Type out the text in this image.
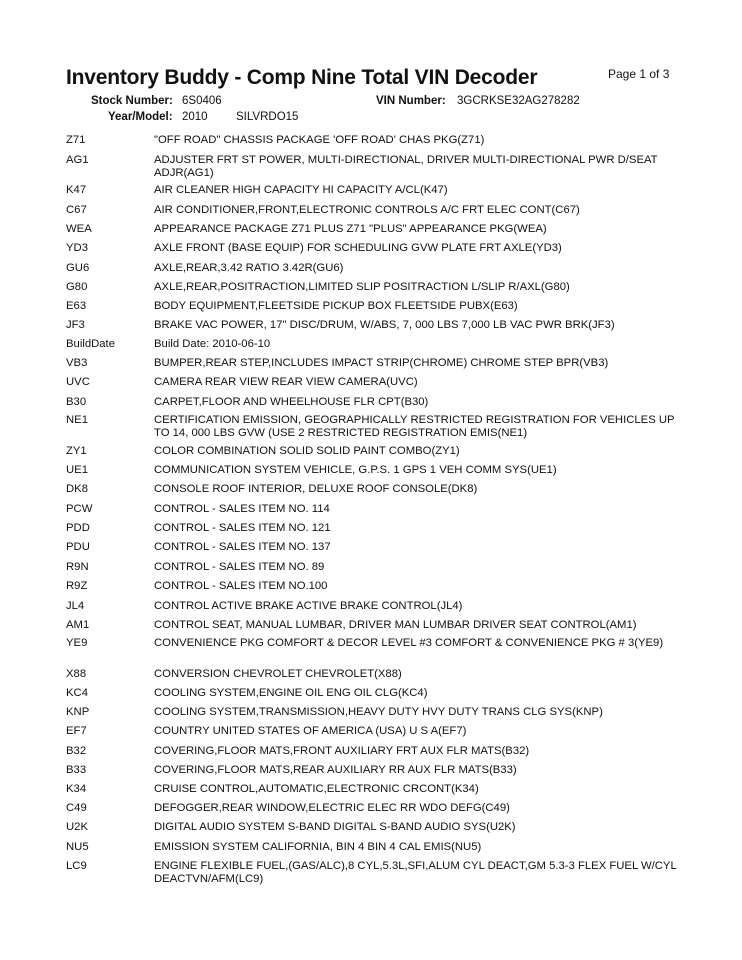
Inventory Buddy - Comp Nine Total VIN Decoder	Page 1 of 3
Stock Number: 6S0406	VIN Number: 3GCRKSE32AG278282
Year/Model: 2010 SILVRDO15
Z71	"OFF ROAD" CHASSIS PACKAGE 'OFF ROAD' CHAS PKG(Z71)
AG1	ADJUSTER FRT ST POWER, MULTI-DIRECTIONAL, DRIVER MULTI-DIRECTIONAL PWR D/SEAT ADJR(AG1)
K47	AIR CLEANER HIGH CAPACITY HI CAPACITY A/CL(K47)
C67	AIR CONDITIONER,FRONT,ELECTRONIC CONTROLS A/C FRT ELEC CONT(C67)
WEA	APPEARANCE PACKAGE Z71 PLUS Z71 "PLUS" APPEARANCE PKG(WEA)
YD3	AXLE FRONT (BASE EQUIP) FOR SCHEDULING GVW PLATE FRT AXLE(YD3)
GU6	AXLE,REAR,3.42 RATIO 3.42R(GU6)
G80	AXLE,REAR,POSITRACTION,LIMITED SLIP POSITRACTION L/SLIP R/AXL(G80)
E63	BODY EQUIPMENT,FLEETSIDE PICKUP BOX FLEETSIDE PUBX(E63)
JF3	BRAKE VAC POWER, 17" DISC/DRUM, W/ABS, 7, 000 LBS 7,000 LB VAC PWR BRK(JF3)
BuildDate	Build Date: 2010-06-10
VB3	BUMPER,REAR STEP,INCLUDES IMPACT STRIP(CHROME) CHROME STEP BPR(VB3)
UVC	CAMERA REAR VIEW REAR VIEW CAMERA(UVC)
B30	CARPET,FLOOR AND WHEELHOUSE FLR CPT(B30)
NE1	CERTIFICATION EMISSION, GEOGRAPHICALLY RESTRICTED REGISTRATION FOR VEHICLES UP TO 14, 000 LBS GVW (USE 2 RESTRICTED REGISTRATION EMIS(NE1)
ZY1	COLOR COMBINATION SOLID SOLID PAINT COMBO(ZY1)
UE1	COMMUNICATION SYSTEM VEHICLE, G.P.S. 1 GPS 1 VEH COMM SYS(UE1)
DK8	CONSOLE ROOF INTERIOR, DELUXE ROOF CONSOLE(DK8)
PCW	CONTROL - SALES ITEM NO. 114
PDD	CONTROL - SALES ITEM NO. 121
PDU	CONTROL - SALES ITEM NO. 137
R9N	CONTROL - SALES ITEM NO. 89
R9Z	CONTROL - SALES ITEM NO.100
JL4	CONTROL ACTIVE BRAKE ACTIVE BRAKE CONTROL(JL4)
AM1	CONTROL SEAT, MANUAL LUMBAR, DRIVER MAN LUMBAR DRIVER SEAT CONTROL(AM1)
YE9	CONVENIENCE PKG COMFORT & DECOR LEVEL #3 COMFORT & CONVENIENCE PKG # 3(YE9)
X88	CONVERSION CHEVROLET CHEVROLET(X88)
KC4	COOLING SYSTEM,ENGINE OIL ENG OIL CLG(KC4)
KNP	COOLING SYSTEM,TRANSMISSION,HEAVY DUTY HVY DUTY TRANS CLG SYS(KNP)
EF7	COUNTRY UNITED STATES OF AMERICA (USA) U S A(EF7)
B32	COVERING,FLOOR MATS,FRONT AUXILIARY FRT AUX FLR MATS(B32)
B33	COVERING,FLOOR MATS,REAR AUXILIARY RR AUX FLR MATS(B33)
K34	CRUISE CONTROL,AUTOMATIC,ELECTRONIC CRCONT(K34)
C49	DEFOGGER,REAR WINDOW,ELECTRIC ELEC RR WDO DEFG(C49)
U2K	DIGITAL AUDIO SYSTEM S-BAND DIGITAL S-BAND AUDIO SYS(U2K)
NU5	EMISSION SYSTEM CALIFORNIA, BIN 4 BIN 4 CAL EMIS(NU5)
LC9	ENGINE FLEXIBLE FUEL,(GAS/ALC),8 CYL,5.3L,SFI,ALUM CYL DEACT,GM 5.3-3 FLEX FUEL W/CYL DEACTVN/AFM(LC9)
